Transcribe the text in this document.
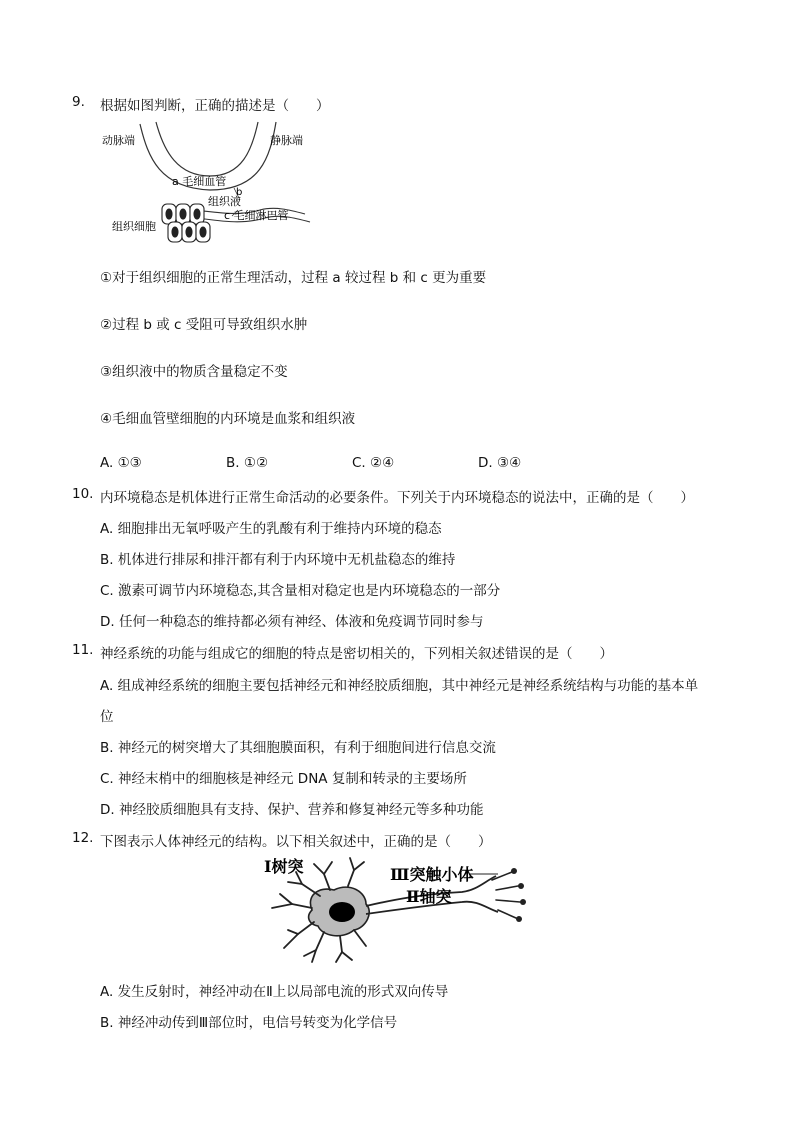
9. 根据如图判断，正确的描述是（　　）
动脉端	静脉端
a 毛细血管
b
组织液
c 毛细淋巴管
组织细胞
①对于组织细胞的正常生理活动，过程 a 较过程 b 和 c 更为重要
②过程 b 或 c 受阻可导致组织水肿
③组织液中的物质含量稳定不变
④毛细血管壁细胞的内环境是血浆和组织液
A. ①③	B. ①②	C. ②④	D. ③④
10. 内环境稳态是机体进行正常生命活动的必要条件。下列关于内环境稳态的说法中，正确的是（　　）
A. 细胞排出无氧呼吸产生的乳酸有利于维持内环境的稳态
B. 机体进行排尿和排汗都有利于内环境中无机盐稳态的维持
C. 激素可调节内环境稳态,其含量相对稳定也是内环境稳态的一部分
D. 任何一种稳态的维持都必须有神经、体液和免疫调节同时参与
11. 神经系统的功能与组成它的细胞的特点是密切相关的，下列相关叙述错误的是（　　）
A. 组成神经系统的细胞主要包括神经元和神经胶质细胞，其中神经元是神经系统结构与功能的基本单
位
B. 神经元的树突增大了其细胞膜面积，有利于细胞间进行信息交流
C. 神经末梢中的细胞核是神经元 DNA 复制和转录的主要场所
D. 神经胶质细胞具有支持、保护、营养和修复神经元等多种功能
12. 下图表示人体神经元的结构。以下相关叙述中，正确的是（　　）
Ⅰ树突	Ⅲ突触小体
Ⅱ轴突
A. 发生反射时，神经冲动在Ⅱ上以局部电流的形式双向传导
B. 神经冲动传到Ⅲ部位时，电信号转变为化学信号
